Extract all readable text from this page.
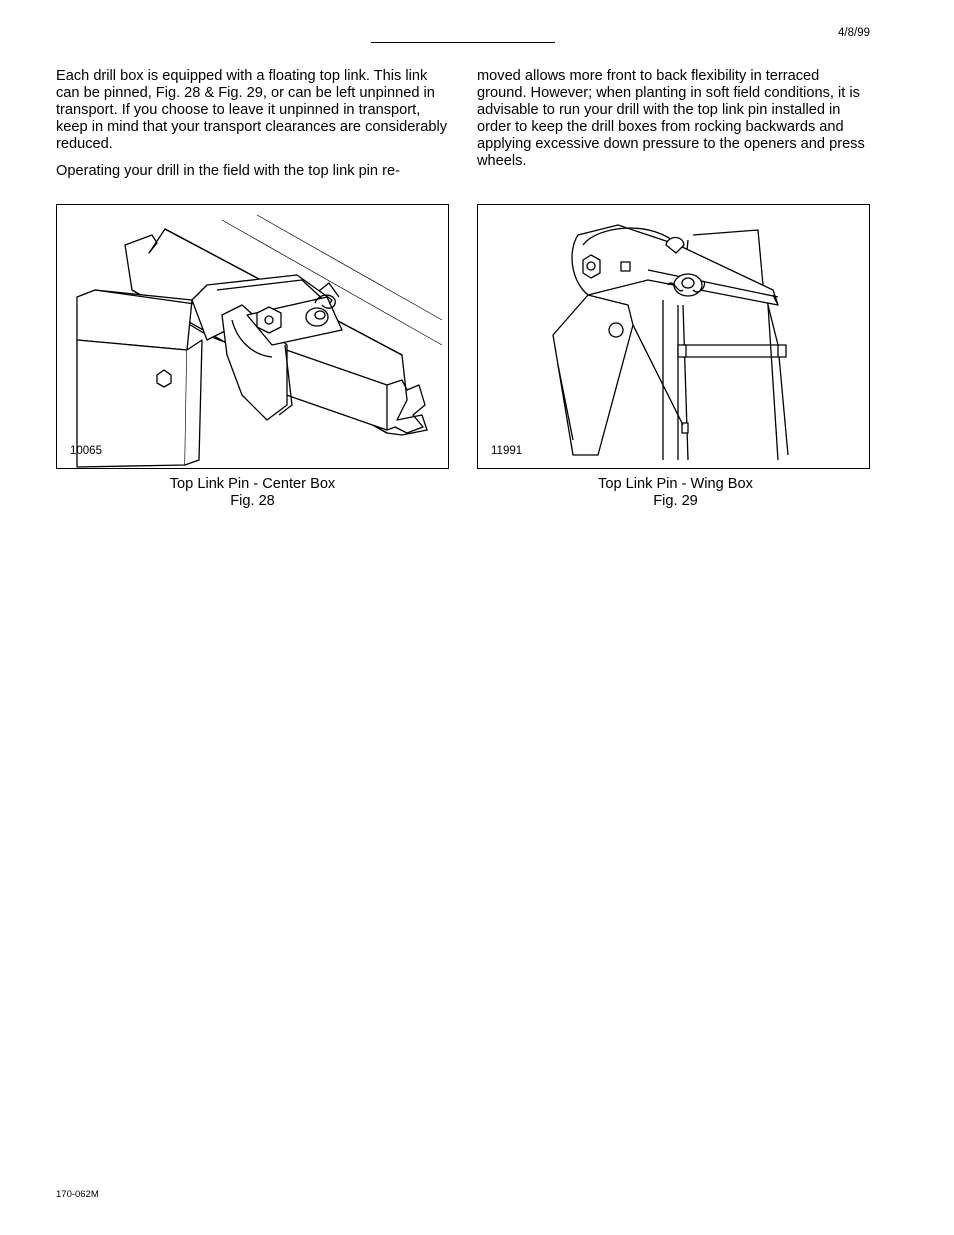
4/8/99

Each drill box is equipped with a floating top link. This link can be pinned, Fig. 28 & Fig. 29, or can be left unpinned in transport. If you choose to leave it unpinned in transport, keep in mind that your transport clearances are considerably reduced.

Operating your drill in the field with the top link pin re-

moved allows more front to back flexibility in terraced ground. However; when planting in soft field conditions, it is advisable to run your drill with the top link pin installed in order to keep the drill boxes from rocking backwards and applying excessive down pressure to the openers and press wheels.

10065
Top Link Pin - Center Box
Fig. 28
11991
Top Link Pin - Wing Box
Fig. 29
170-062M
